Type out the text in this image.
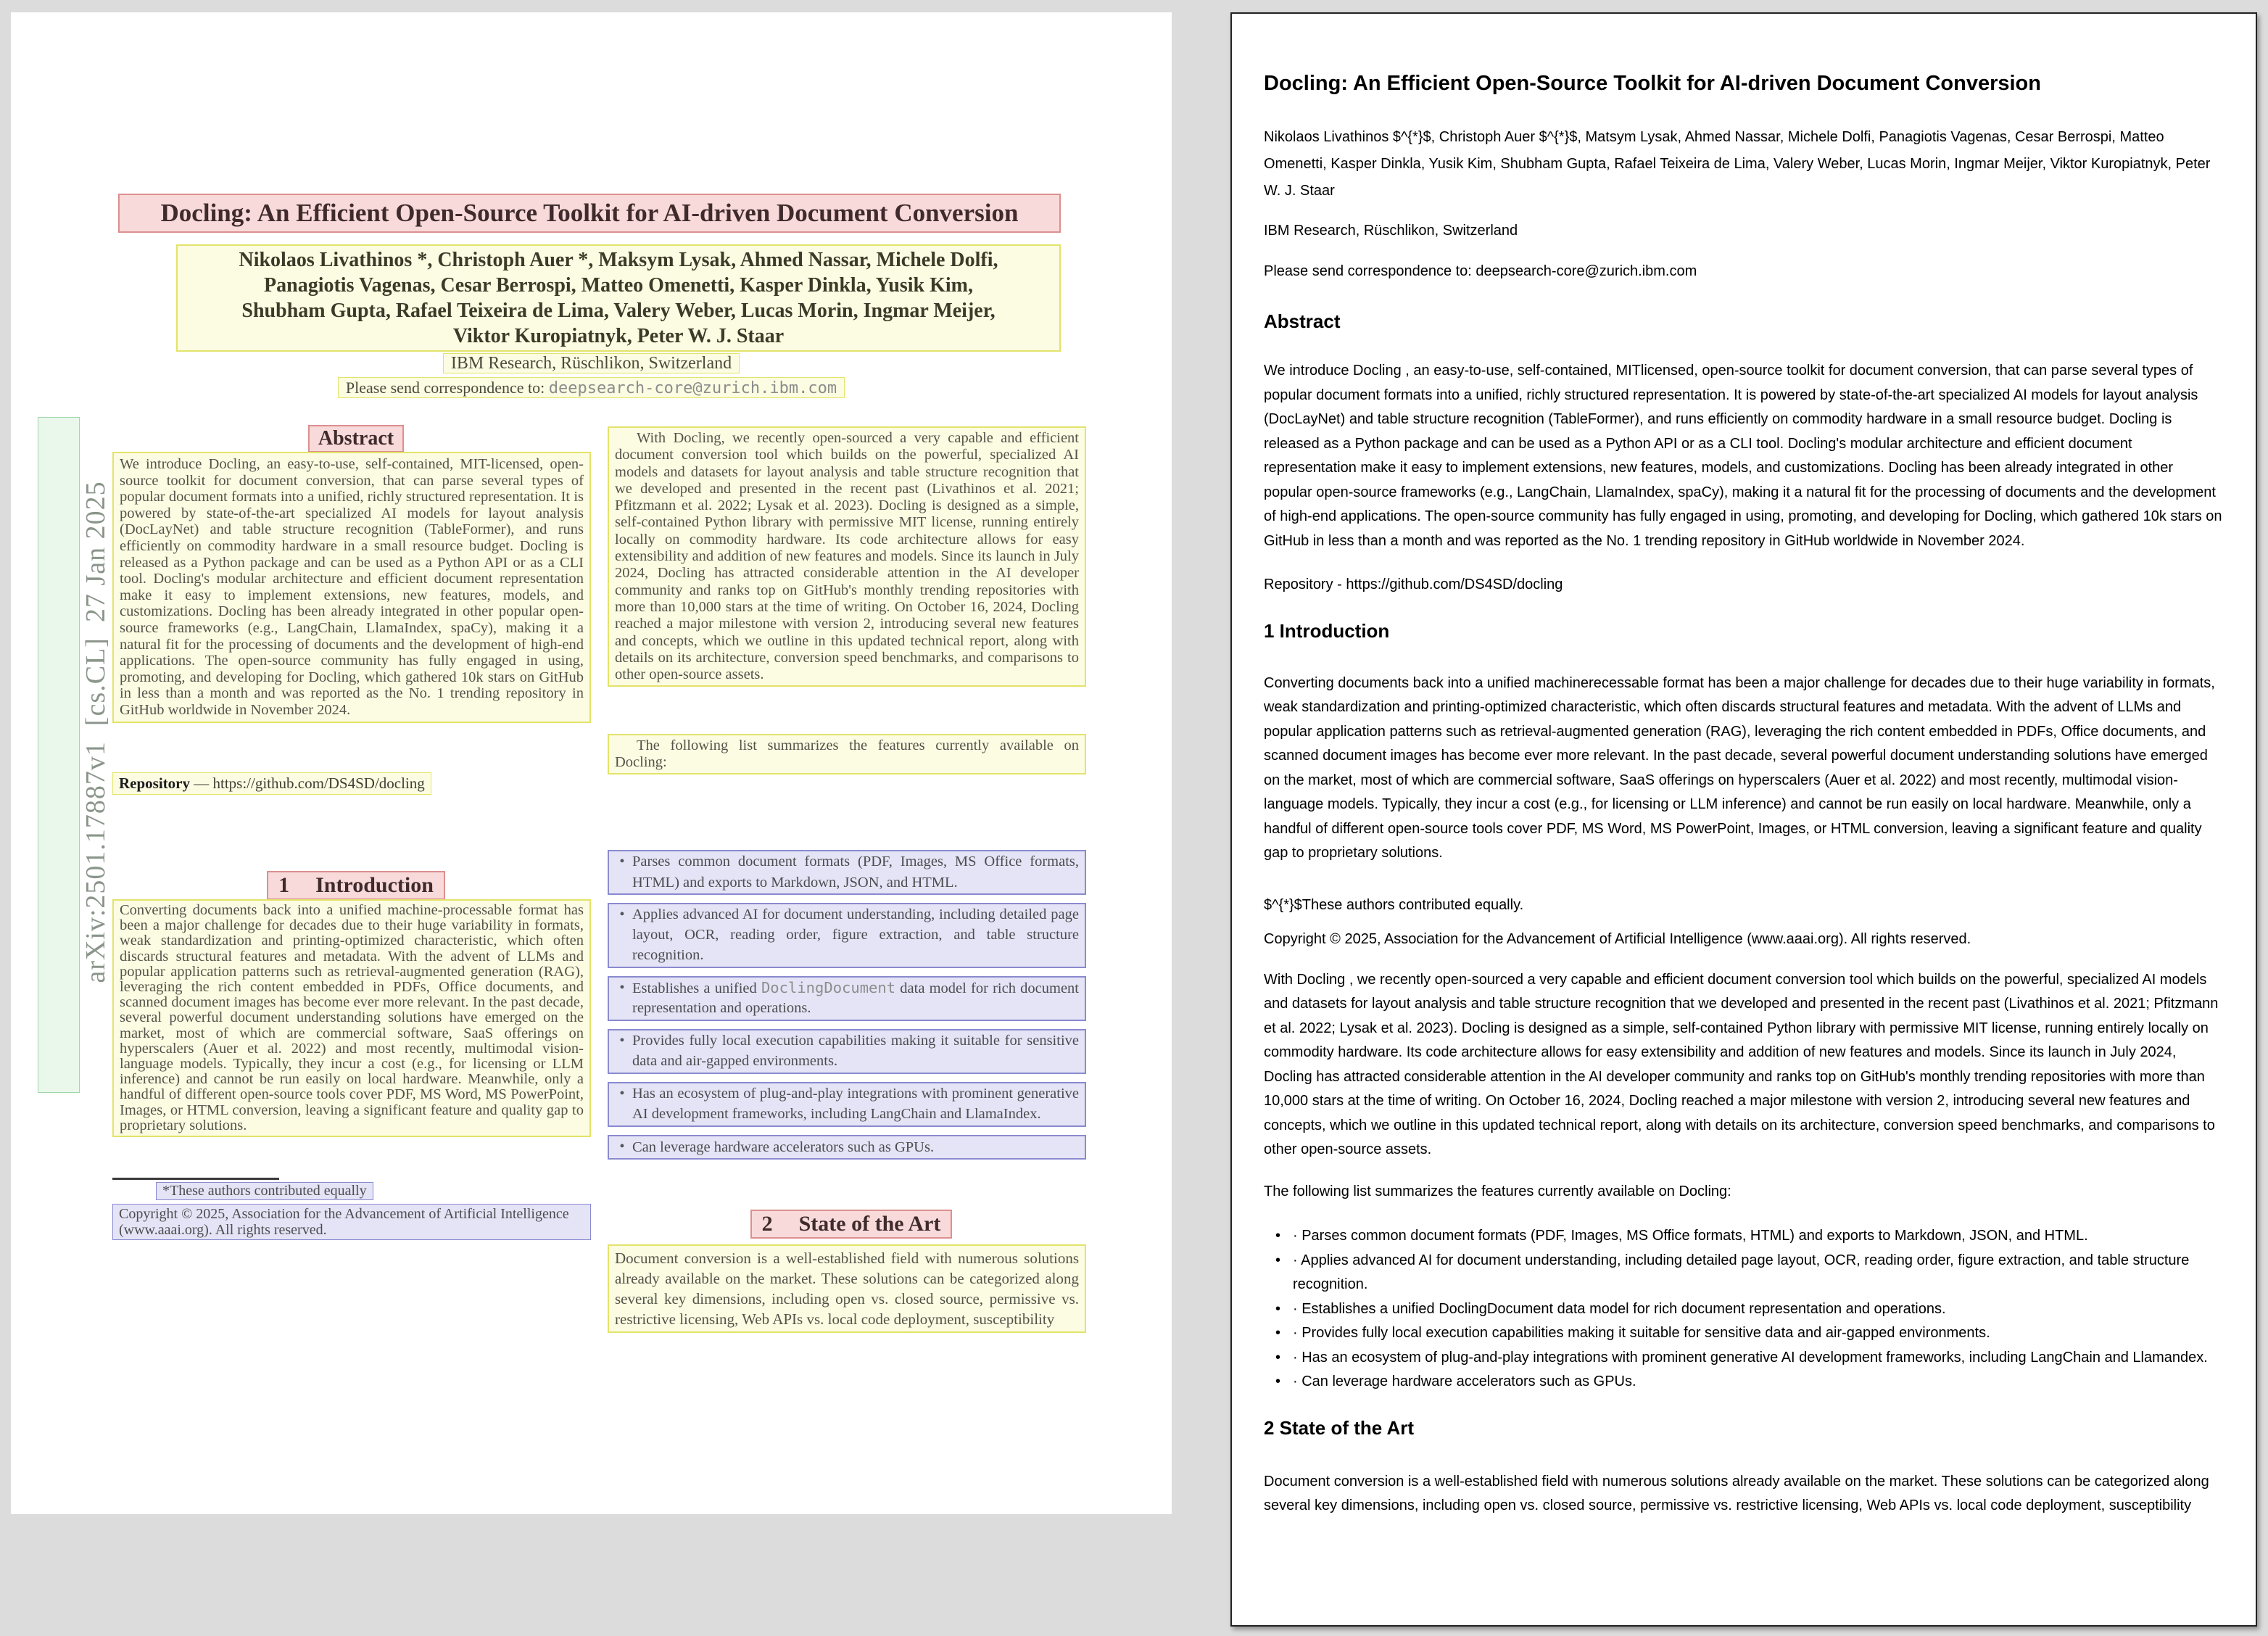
arXiv:2501.17887v1  [cs.CL]  27 Jan 2025

Docling: An Efficient Open-Source Toolkit for AI-driven Document Conversion
Nikolaos Livathinos *, Christoph Auer *, Maksym Lysak, Ahmed Nassar, Michele Dolfi,
Panagiotis Vagenas, Cesar Berrospi, Matteo Omenetti, Kasper Dinkla, Yusik Kim,
Shubham Gupta, Rafael Teixeira de Lima, Valery Weber, Lucas Morin, Ingmar Meijer,
Viktor Kuropiatnyk, Peter W. J. Staar
IBM Research, Rüschlikon, Switzerland
Please send correspondence to: deepsearch-core@zurich.ibm.com
Abstract
We introduce Docling, an easy-to-use, self-contained, MIT-licensed, open-source toolkit for document conversion, that can parse several types of popular document formats into a unified, richly structured representation. It is powered by state-of-the-art specialized AI models for layout analysis (DocLayNet) and table structure recognition (TableFormer), and runs efficiently on commodity hardware in a small resource budget. Docling is released as a Python package and can be used as a Python API or as a CLI tool. Docling's modular architecture and efficient document representation make it easy to implement extensions, new features, models, and customizations. Docling has been already integrated in other popular open-source frameworks (e.g., LangChain, LlamaIndex, spaCy), making it a natural fit for the processing of documents and the development of high-end applications. The open-source community has fully engaged in using, promoting, and developing for Docling, which gathered 10k stars on GitHub in less than a month and was reported as the No. 1 trending repository in GitHub worldwide in November 2024.
Repository — https://github.com/DS4SD/docling
1 Introduction
Converting documents back into a unified machine-processable format has been a major challenge for decades due to their huge variability in formats, weak standardization and printing-optimized characteristic, which often discards structural features and metadata. With the advent of LLMs and popular application patterns such as retrieval-augmented generation (RAG), leveraging the rich content embedded in PDFs, Office documents, and scanned document images has become ever more relevant. In the past decade, several powerful document understanding solutions have emerged on the market, most of which are commercial software, SaaS offerings on hyperscalers (Auer et al. 2022) and most recently, multimodal vision-language models. Typically, they incur a cost (e.g., for licensing or LLM inference) and cannot be run easily on local hardware. Meanwhile, only a handful of different open-source tools cover PDF, MS Word, MS PowerPoint, Images, or HTML conversion, leaving a significant feature and quality gap to proprietary solutions.
*These authors contributed equally
Copyright © 2025, Association for the Advancement of Artificial Intelligence (www.aaai.org). All rights reserved.
With Docling, we recently open-sourced a very capable and efficient document conversion tool which builds on the powerful, specialized AI models and datasets for layout analysis and table structure recognition that we developed and presented in the recent past (Livathinos et al. 2021; Pfitzmann et al. 2022; Lysak et al. 2023). Docling is designed as a simple, self-contained Python library with permissive MIT license, running entirely locally on commodity hardware. Its code architecture allows for easy extensibility and addition of new features and models. Since its launch in July 2024, Docling has attracted considerable attention in the AI developer community and ranks top on GitHub's monthly trending repositories with more than 10,000 stars at the time of writing. On October 16, 2024, Docling reached a major milestone with version 2, introducing several new features and concepts, which we outline in this updated technical report, along with details on its architecture, conversion speed benchmarks, and comparisons to other open-source assets.
The following list summarizes the features currently available on Docling:
• Parses common document formats (PDF, Images, MS Office formats, HTML) and exports to Markdown, JSON, and HTML.
• Applies advanced AI for document understanding, including detailed page layout, OCR, reading order, figure extraction, and table structure recognition.
• Establishes a unified DoclingDocument data model for rich document representation and operations.
• Provides fully local execution capabilities making it suitable for sensitive data and air-gapped environments.
• Has an ecosystem of plug-and-play integrations with prominent generative AI development frameworks, including LangChain and LlamaIndex.
• Can leverage hardware accelerators such as GPUs.
2 State of the Art
Document conversion is a well-established field with numerous solutions already available on the market. These solutions can be categorized along several key dimensions, including open vs. closed source, permissive vs. restrictive licensing, Web APIs vs. local code deployment, susceptibility
Docling: An Efficient Open-Source Toolkit for AI-driven Document Conversion

Nikolaos Livathinos $^{*}$, Christoph Auer $^{*}$, Matsym Lysak, Ahmed Nassar, Michele Dolfi, Panagiotis Vagenas, Cesar Berrospi, Matteo Omenetti, Kasper Dinkla, Yusik Kim, Shubham Gupta, Rafael Teixeira de Lima, Valery Weber, Lucas Morin, Ingmar Meijer, Viktor Kuropiatnyk, Peter W. J. Staar

IBM Research, Rüschlikon, Switzerland

Please send correspondence to: deepsearch-core@zurich.ibm.com

Abstract

We introduce Docling , an easy-to-use, self-contained, MITlicensed, open-source toolkit for document conversion, that can parse several types of popular document formats into a unified, richly structured representation. It is powered by state-of-the-art specialized AI models for layout analysis (DocLayNet) and table structure recognition (TableFormer), and runs efficiently on commodity hardware in a small resource budget. Docling is released as a Python package and can be used as a Python API or as a CLI tool. Docling's modular architecture and efficient document representation make it easy to implement extensions, new features, models, and customizations. Docling has been already integrated in other popular open-source frameworks (e.g., LangChain, LlamaIndex, spaCy), making it a natural fit for the processing of documents and the development of high-end applications. The open-source community has fully engaged in using, promoting, and developing for Docling, which gathered 10k stars on GitHub in less than a month and was reported as the No. 1 trending repository in GitHub worldwide in November 2024.

Repository - https://github.com/DS4SD/docling

1 Introduction

Converting documents back into a unified machinerecessable format has been a major challenge for decades due to their huge variability in formats, weak standardization and printing-optimized characteristic, which often discards structural features and metadata. With the advent of LLMs and popular application patterns such as retrieval-augmented generation (RAG), leveraging the rich content embedded in PDFs, Office documents, and scanned document images has become ever more relevant. In the past decade, several powerful document understanding solutions have emerged on the market, most of which are commercial software, SaaS offerings on hyperscalers (Auer et al. 2022) and most recently, multimodal vision-language models. Typically, they incur a cost (e.g., for licensing or LLM inference) and cannot be run easily on local hardware. Meanwhile, only a handful of different open-source tools cover PDF, MS Word, MS PowerPoint, Images, or HTML conversion, leaving a significant feature and quality gap to proprietary solutions.

$^{*}$These authors contributed equally.

Copyright © 2025, Association for the Advancement of Artificial Intelligence (www.aaai.org). All rights reserved.

With Docling , we recently open-sourced a very capable and efficient document conversion tool which builds on the powerful, specialized AI models and datasets for layout analysis and table structure recognition that we developed and presented in the recent past (Livathinos et al. 2021; Pfitzmann et al. 2022; Lysak et al. 2023). Docling is designed as a simple, self-contained Python library with permissive MIT license, running entirely locally on commodity hardware. Its code architecture allows for easy extensibility and addition of new features and models. Since its launch in July 2024, Docling has attracted considerable attention in the AI developer community and ranks top on GitHub's monthly trending repositories with more than 10,000 stars at the time of writing. On October 16, 2024, Docling reached a major milestone with version 2, introducing several new features and concepts, which we outline in this updated technical report, along with details on its architecture, conversion speed benchmarks, and comparisons to other open-source assets.

The following list summarizes the features currently available on Docling:

• · Parses common document formats (PDF, Images, MS Office formats, HTML) and exports to Markdown, JSON, and HTML.
• · Applies advanced AI for document understanding, including detailed page layout, OCR, reading order, figure extraction, and table structure recognition.
• · Establishes a unified DoclingDocument data model for rich document representation and operations.
• · Provides fully local execution capabilities making it suitable for sensitive data and air-gapped environments.
• · Has an ecosystem of plug-and-play integrations with prominent generative AI development frameworks, including LangChain and Llamandex.
• · Can leverage hardware accelerators such as GPUs.
2 State of the Art

Document conversion is a well-established field with numerous solutions already available on the market. These solutions can be categorized along several key dimensions, including open vs. closed source, permissive vs. restrictive licensing, Web APIs vs. local code deployment, susceptibility
